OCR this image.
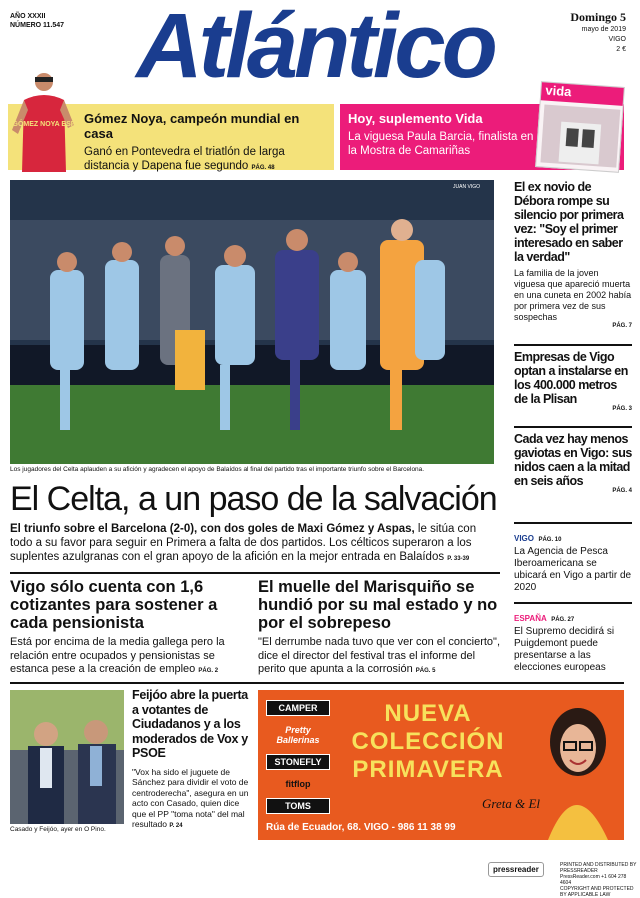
AÑO XXXII
NÚMERO 11.547 Atlántico	Domingo 5
mayo de 2019
VIGO
2 €
Gómez Noya, campeón mundial en casa

Ganó en Pontevedra el triatlón de larga distancia y Dapena fue segundo PÁG. 48

GÓMEZ NOYA ESP	Hoy, suplemento Vida

La viguesa Paula Barcia, finalista en la Mostra de Camariñas

vida
JUAN VIGO
Los jugadores del Celta aplauden a su afición y agradecen el apoyo de Balaídos al final del partido tras el importante triunfo sobre el Barcelona.
El Celta, a un paso de la salvación
El triunfo sobre el Barcelona (2-0), con dos goles de Maxi Gómez y Aspas, le sitúa con todo a su favor para seguir en Primera a falta de dos partidos. Los célticos superaron a los suplentes azulgranas con el gran apoyo de la afición en la mejor entrada en Balaídos P. 33-39
Vigo sólo cuenta con 1,6 cotizantes para sostener a cada pensionista

Está por encima de la media gallega pero la relación entre ocupados y pensionistas se estanca pese a la creación de empleo PÁG. 2

El muelle del Marisquiño se hundió por su mal estado y no por el sobrepeso

"El derrumbe nada tuvo que ver con el concierto", dice el director del festival tras el informe del perito que apunta a la corrosión PÁG. 5

Casado y Feijóo, ayer en O Pino.
Feijóo abre la puerta a votantes de Ciudadanos y a los moderados de Vox y PSOE

"Vox ha sido el juguete de Sánchez para dividir el voto de centroderecha", asegura en un acto con Casado, quien dice que el PP "toma nota" del mal resultado P. 24

El ex novio de Débora rompe su silencio por primera vez: "Soy el primer interesado en saber la verdad"

La familia de la joven viguesa que apareció muerta en una cuneta en 2002 había por primera vez de sus sospechas

PÁG. 7
Empresas de Vigo optan a instalarse en los 400.000 metros de la Plisan
PÁG. 3
Cada vez hay menos gaviotas en Vigo: sus nidos caen a la mitad en seis años
PÁG. 4
VIGO PÁG. 10

La Agencia de Pesca Iberoamericana se ubicará en Vigo a partir de 2020

ESPAÑA PÁG. 27

El Supremo decidirá si Puigdemont puede presentarse a las elecciones europeas

CAMPER
Pretty Ballerinas
STONEFLY
fitflop
TOMS
NUEVA
COLECCIÓN
PRIMAVERA
Rúa de Ecuador, 68. VIGO - 986 11 38 99
Greta & El
pressreader	PRINTED AND DISTRIBUTED BY PRESSREADER
PressReader.com +1 604 278 4604
COPYRIGHT AND PROTECTED BY APPLICABLE LAW
